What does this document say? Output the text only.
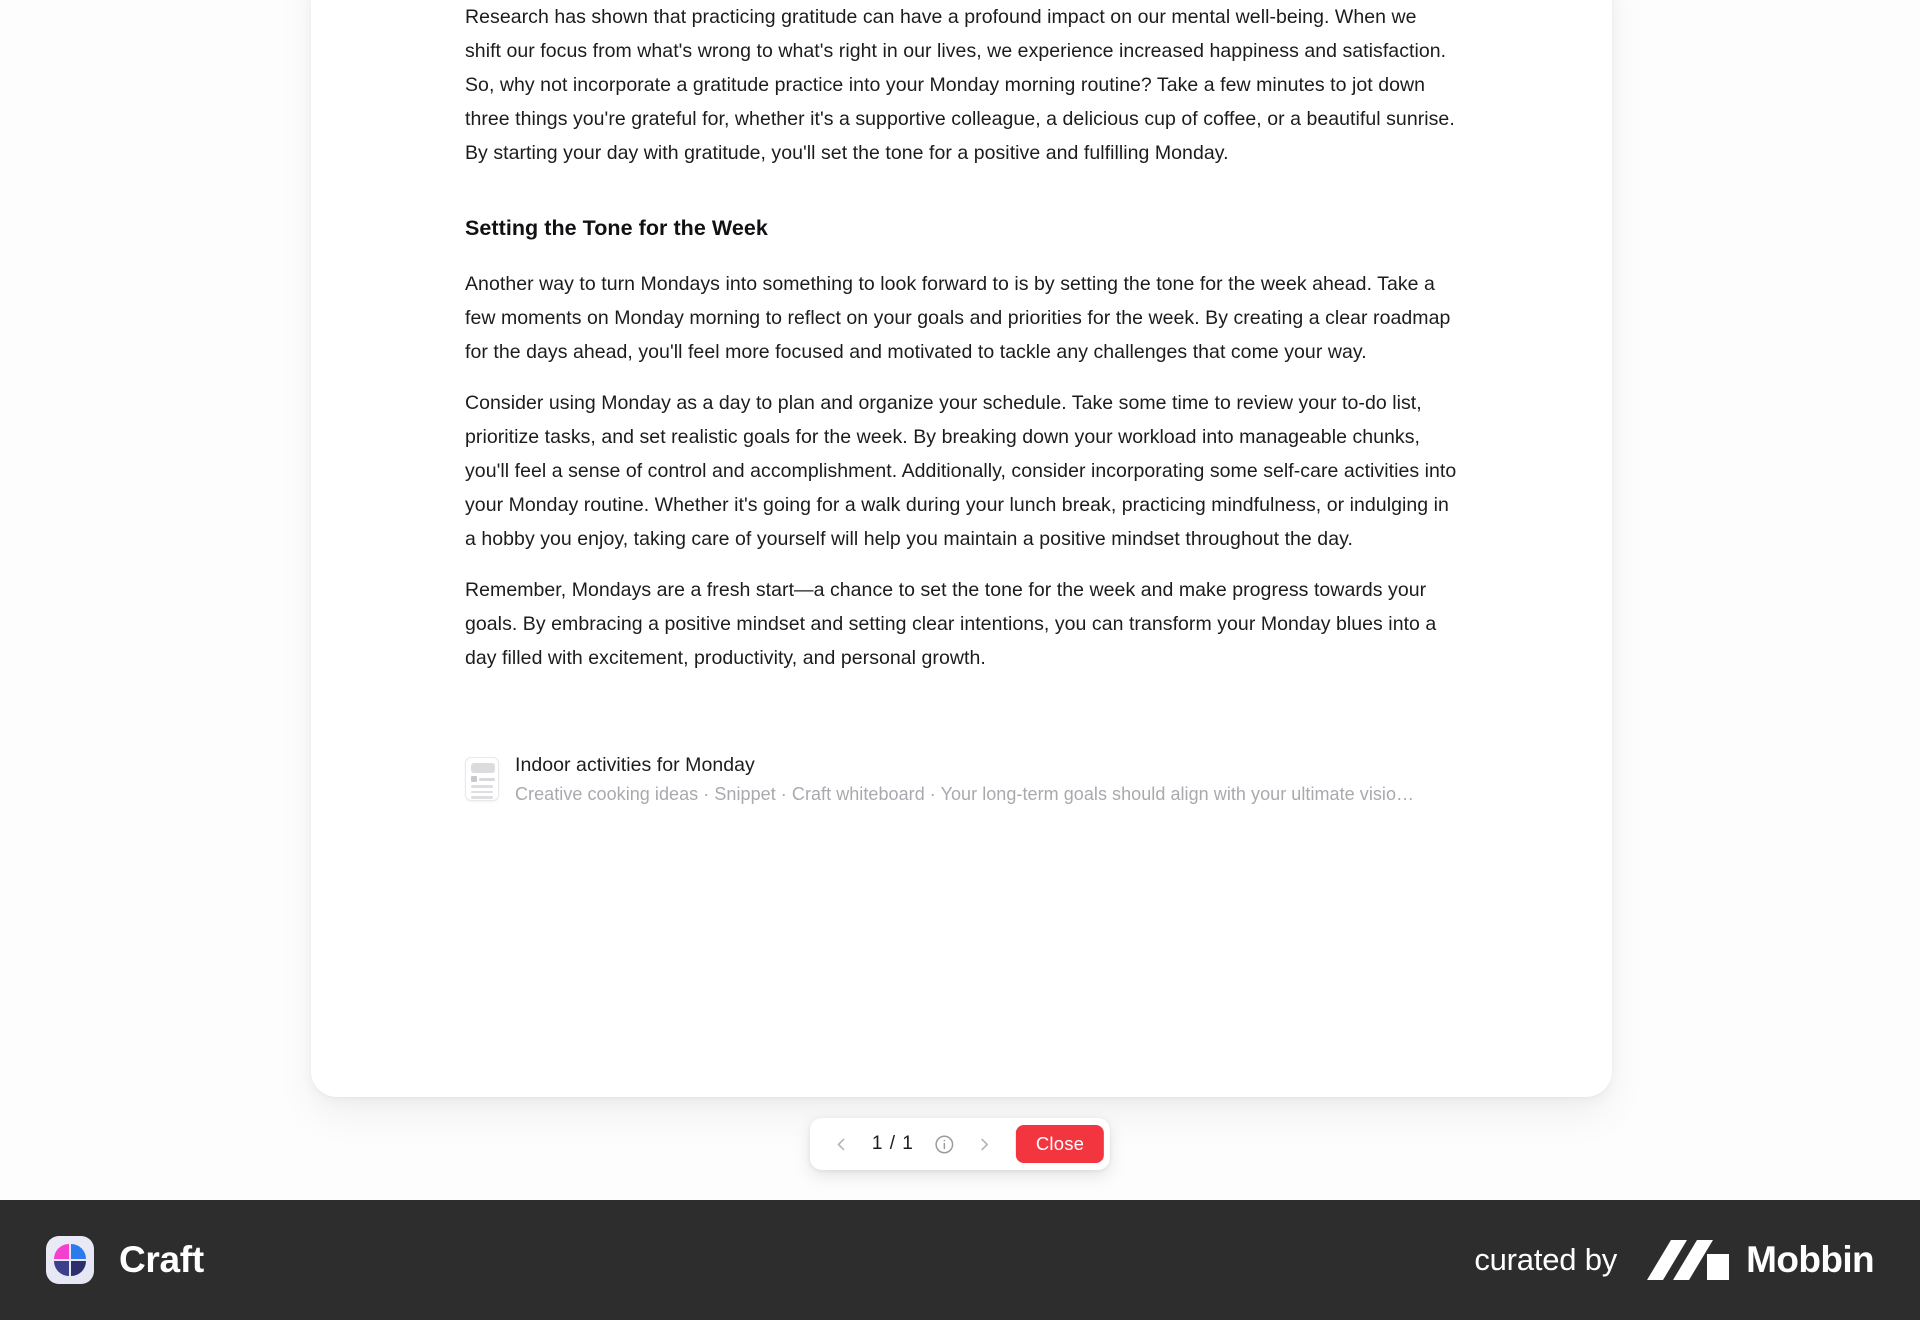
Research has shown that practicing gratitude can have a profound impact on our mental well-being. When we shift our focus from what's wrong to what's right in our lives, we experience increased happiness and satisfaction. So, why not incorporate a gratitude practice into your Monday morning routine? Take a few minutes to jot down three things you're grateful for, whether it's a supportive colleague, a delicious cup of coffee, or a beautiful sunrise. By starting your day with gratitude, you'll set the tone for a positive and fulfilling Monday.

Setting the Tone for the Week

Another way to turn Mondays into something to look forward to is by setting the tone for the week ahead. Take a few moments on Monday morning to reflect on your goals and priorities for the week. By creating a clear roadmap for the days ahead, you'll feel more focused and motivated to tackle any challenges that come your way.

Consider using Monday as a day to plan and organize your schedule. Take some time to review your to-do list, prioritize tasks, and set realistic goals for the week. By breaking down your workload into manageable chunks, you'll feel a sense of control and accomplishment. Additionally, consider incorporating some self-care activities into your Monday routine. Whether it's going for a walk during your lunch break, practicing mindfulness, or indulging in a hobby you enjoy, taking care of yourself will help you maintain a positive mindset throughout the day.

Remember, Mondays are a fresh start—a chance to set the tone for the week and make progress towards your goals. By embracing a positive mindset and setting clear intentions, you can transform your Monday blues into a day filled with excitement, productivity, and personal growth.

Indoor activities for Monday
Creative cooking ideas · Snippet · Craft whiteboard · Your long-term goals should align with your ultimate visio…
1 / 1	Close
Craft	curated by	Mobbin
